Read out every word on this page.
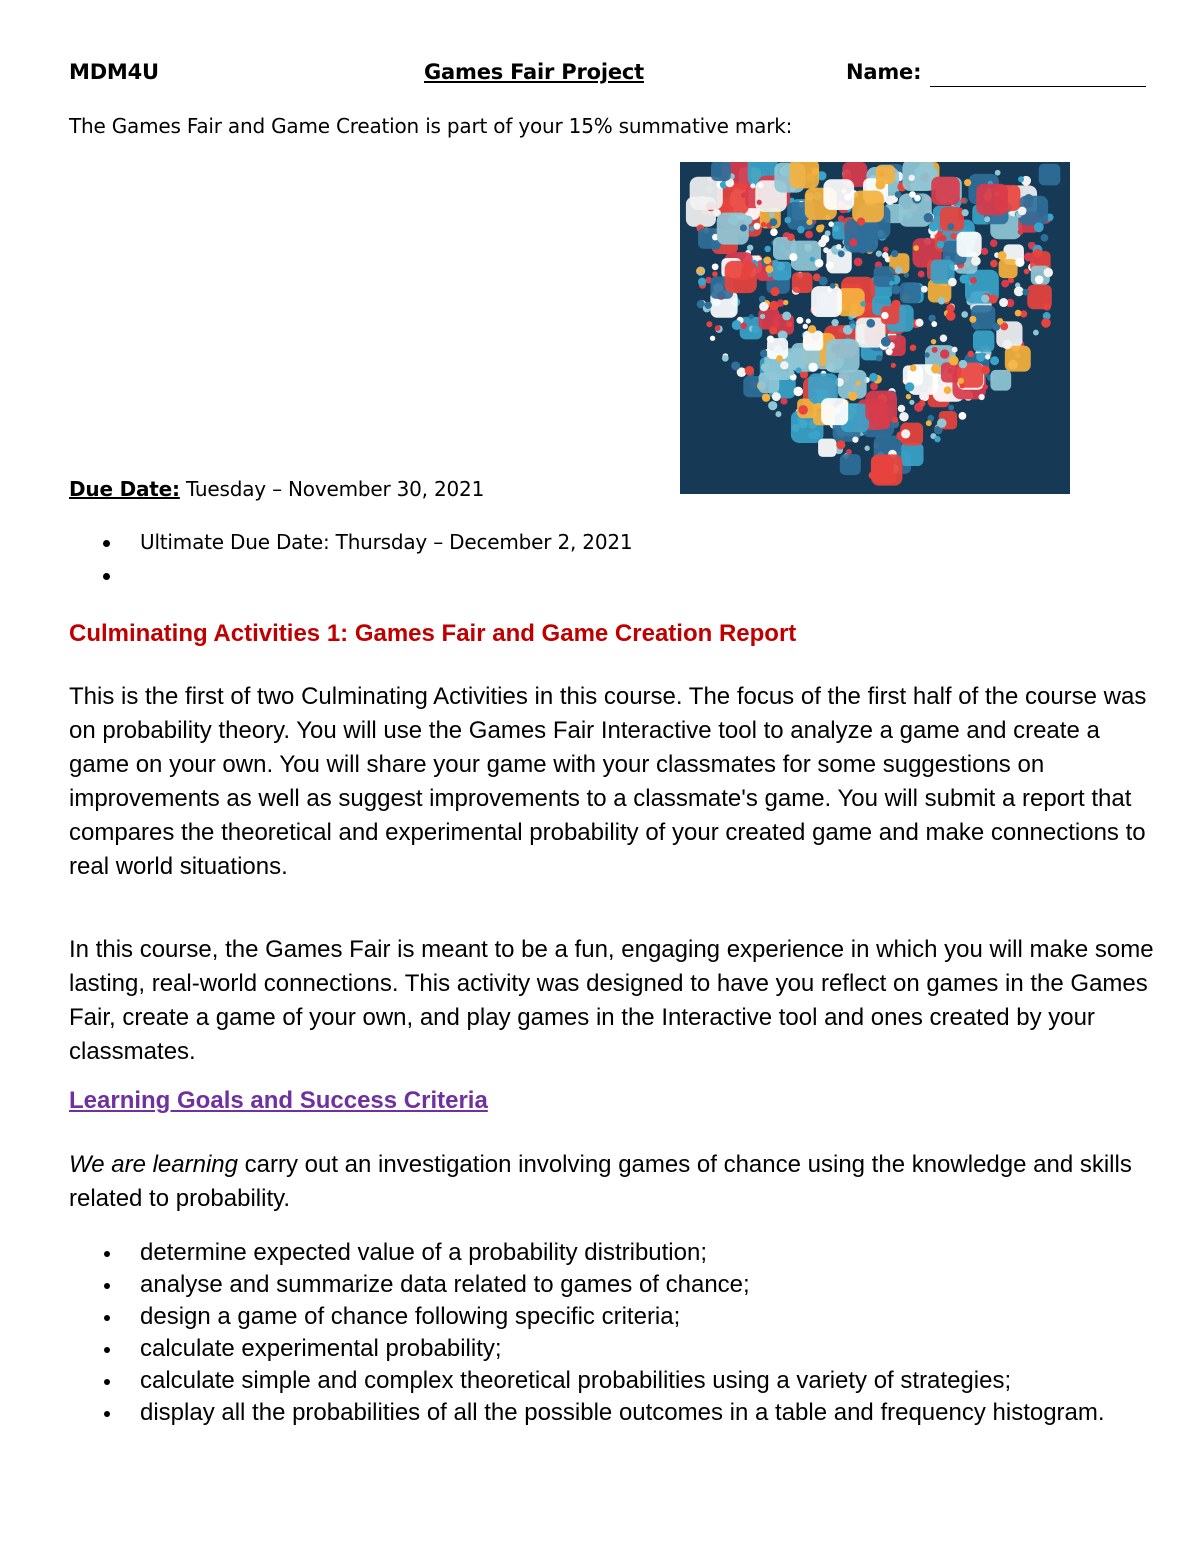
MDM4U	Games Fair Project	Name:
The Games Fair and Game Creation is part of your 15% summative mark:
Due Date: Tuesday – November 30, 2021
Ultimate Due Date: Thursday – December 2, 2021
Culminating Activities 1: Games Fair and Game Creation Report

This is the first of two Culminating Activities in this course. The focus of the first half of the course was on probability theory. You will use the Games Fair Interactive tool to analyze a game and create a game on your own. You will share your game with your classmates for some suggestions on improvements as well as suggest improvements to a classmate's game. You will submit a report that compares the theoretical and experimental probability of your created game and make connections to real world situations.

In this course, the Games Fair is meant to be a fun, engaging experience in which you will make some lasting, real-world connections. This activity was designed to have you reflect on games in the Games Fair, create a game of your own, and play games in the Interactive tool and ones created by your classmates.

Learning Goals and Success Criteria

We are learning carry out an investigation involving games of chance using the knowledge and skills related to probability.

determine expected value of a probability distribution;
analyse and summarize data related to games of chance;
design a game of chance following specific criteria;
calculate experimental probability;
calculate simple and complex theoretical probabilities using a variety of strategies;
display all the probabilities of all the possible outcomes in a table and frequency histogram.
